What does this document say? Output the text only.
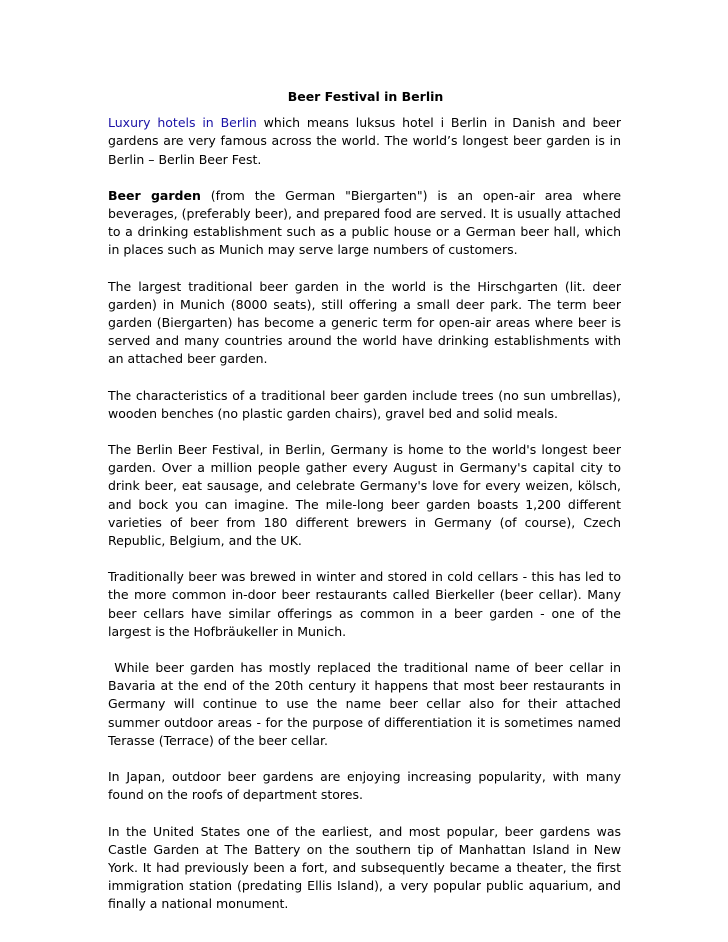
Beer Festival in Berlin

Luxury hotels in Berlin which means luksus hotel i Berlin in Danish and beer gardens are very famous across the world. The world’s longest beer garden is in Berlin – Berlin Beer Fest.

Beer garden (from the German "Biergarten") is an open-air area where beverages, (preferably beer), and prepared food are served. It is usually attached to a drinking establishment such as a public house or a German beer hall, which in places such as Munich may serve large numbers of customers.

The largest traditional beer garden in the world is the Hirschgarten (lit. deer garden) in Munich (8000 seats), still offering a small deer park. The term beer garden (Biergarten) has become a generic term for open-air areas where beer is served and many countries around the world have drinking establishments with an attached beer garden.

The characteristics of a traditional beer garden include trees (no sun umbrellas), wooden benches (no plastic garden chairs), gravel bed and solid meals.

The Berlin Beer Festival, in Berlin, Germany is home to the world's longest beer garden. Over a million people gather every August in Germany's capital city to drink beer, eat sausage, and celebrate Germany's love for every weizen, kölsch, and bock you can imagine. The mile-long beer garden boasts 1,200 different varieties of beer from 180 different brewers in Germany (of course), Czech Republic, Belgium, and the UK.

Traditionally beer was brewed in winter and stored in cold cellars - this has led to the more common in-door beer restaurants called Bierkeller (beer cellar). Many beer cellars have similar offerings as common in a beer garden - one of the largest is the Hofbräukeller in Munich.

While beer garden has mostly replaced the traditional name of beer cellar in Bavaria at the end of the 20th century it happens that most beer restaurants in Germany will continue to use the name beer cellar also for their attached summer outdoor areas - for the purpose of differentiation it is sometimes named Terasse (Terrace) of the beer cellar.

In Japan, outdoor beer gardens are enjoying increasing popularity, with many found on the roofs of department stores.

In the United States one of the earliest, and most popular, beer gardens was Castle Garden at The Battery on the southern tip of Manhattan Island in New York. It had previously been a fort, and subsequently became a theater, the first immigration station (predating Ellis Island), a very popular public aquarium, and finally a national monument.
